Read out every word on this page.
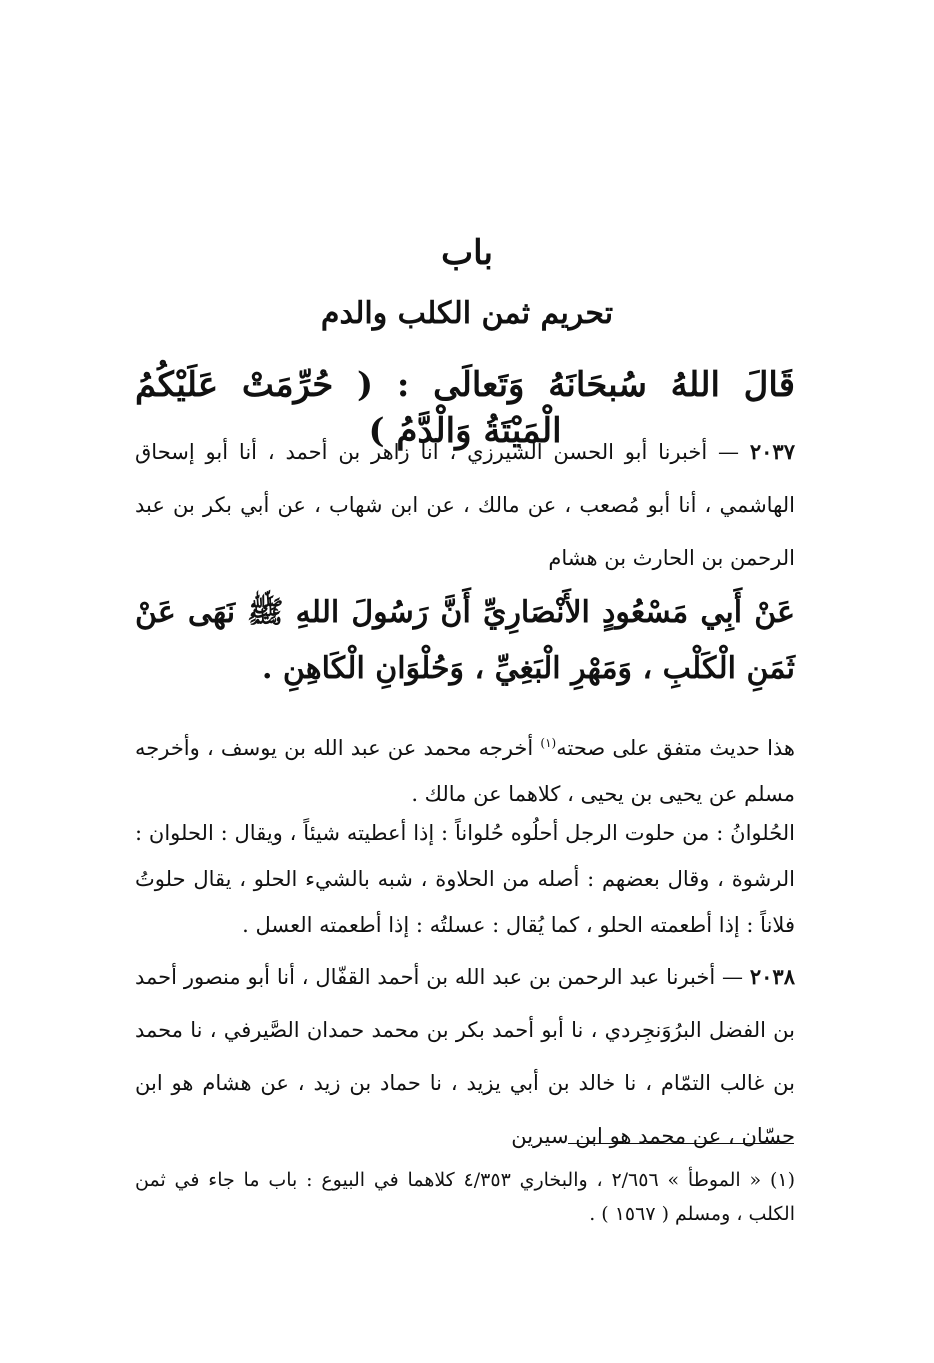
باب
تحريم ثمن الكلب والدم
قَالَ اللهُ سُبحَانَهُ وَتَعالَى : ( حُرِّمَتْ عَلَيْكُمُ الْمَيْتَةُ وَالْدَّمُ )
٢٠٣٧ — أخبرنا أبو الحسن الشيرزي ، أنا زاهر بن أحمد ، أنا أبو إسحاق الهاشمي ، أنا أبو مُصعب ، عن مالك ، عن ابن شهاب ، عن أبي بكر بن عبد الرحمن بن الحارث بن هشام
عَنْ أَبِي مَسْعُودٍ الأَنْصَارِيِّ أَنَّ رَسُولَ اللهِ ﷺ نَهَى عَنْ ثَمَنِ الْكَلْبِ ، وَمَهْرِ الْبَغِيِّ ، وَحُلْوَانِ الْكَاهِنِ .
هذا حديث متفق على صحته$^{(١)}$ أخرجه محمد عن عبد الله بن يوسف ، وأخرجه مسلم عن يحيى بن يحيى ، كلاهما عن مالك .
الحُلوانُ : من حلوت الرجل أحلُوه حُلواناً : إذا أعطيته شيئاً ، ويقال : الحلوان : الرشوة ، وقال بعضهم : أصله من الحلاوة ، شبه بالشيء الحلو ، يقال حلوتُ فلاناً : إذا أطعمته الحلو ، كما يُقال : عسلتُه : إذا أطعمته العسل .
٢٠٣٨ — أخبرنا عبد الرحمن بن عبد الله بن أحمد القفّال ، أنا أبو منصور أحمد بن الفضل البرُوَنجِردي ، نا أبو أحمد بكر بن محمد حمدان الصَّيرفي ، نا محمد بن غالب التمّام ، نا خالد بن أبي يزيد ، نا حماد بن زيد ، عن هشام هو ابن حسّان ، عن محمد هو ابن سيرين
(١) « الموطأ » ٢/٦٥٦ ، والبخاري ٤/٣٥٣ كلاهما في البيوع : باب ما جاء في ثمن الكلب ، ومسلم ( ١٥٦٧ ) .
